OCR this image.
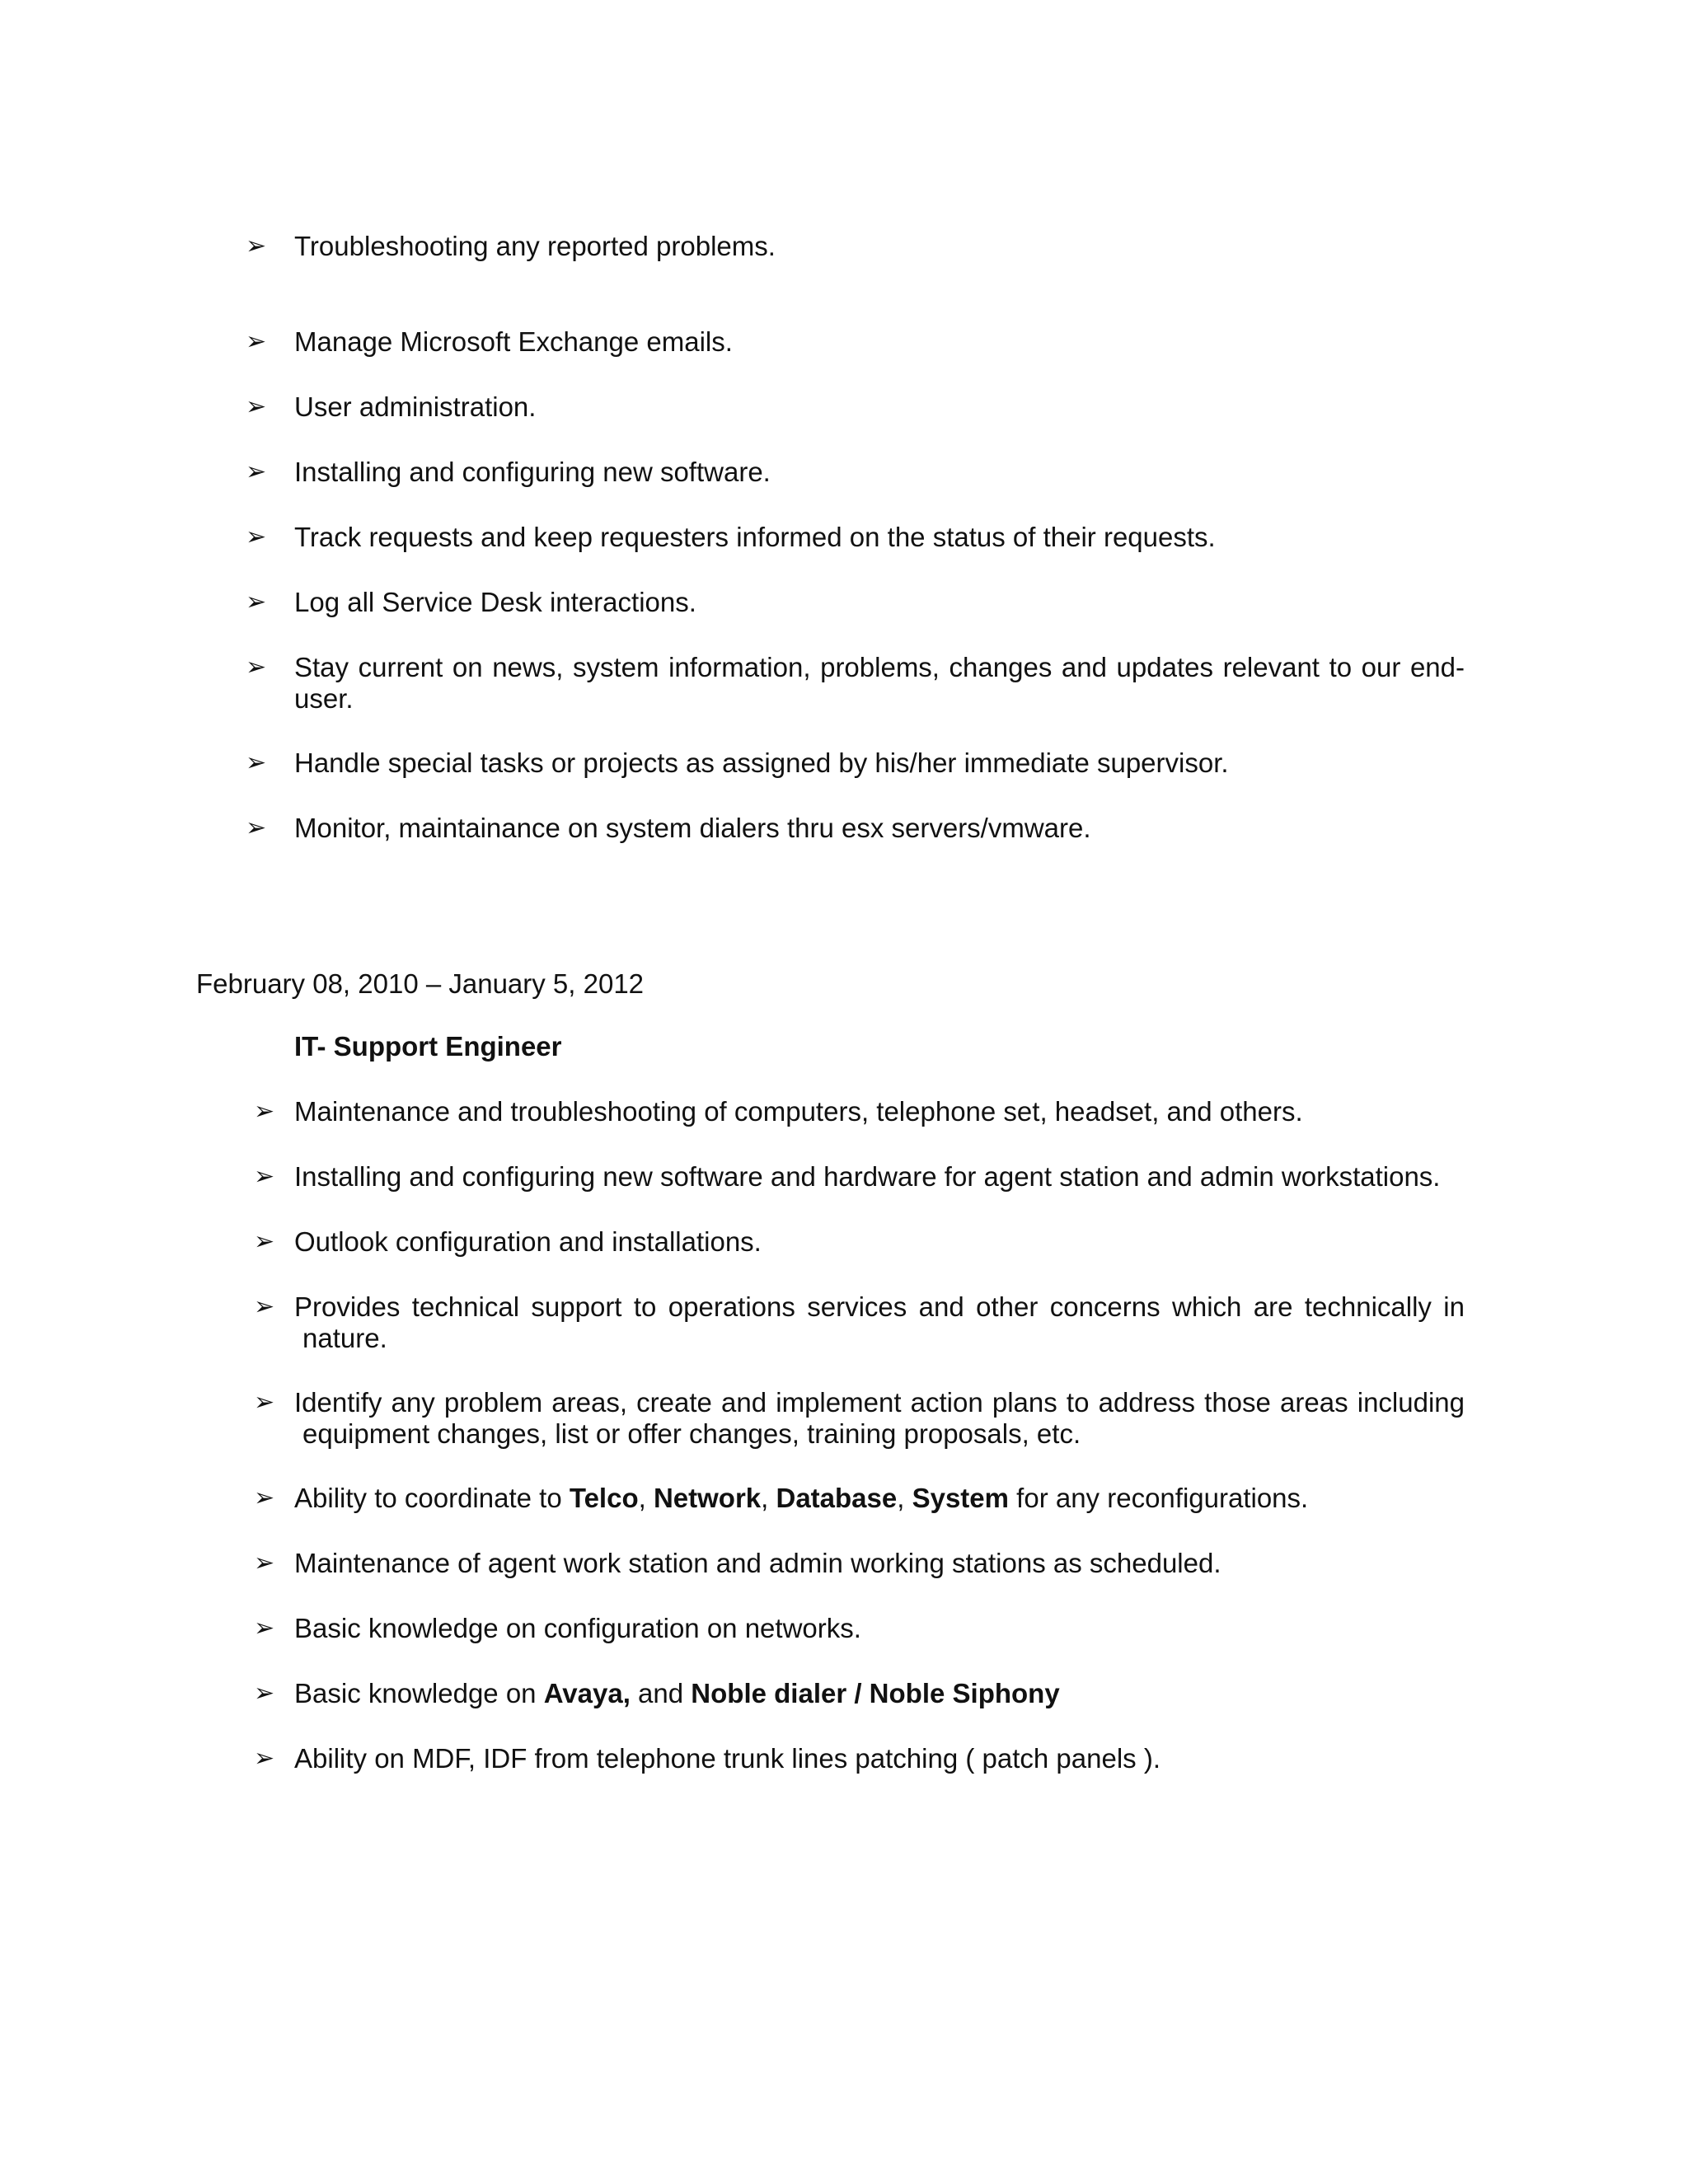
➢ Troubleshooting any reported problems.
➢ Manage Microsoft Exchange emails.
➢ User administration.
➢ Installing and configuring new software.
➢ Track requests and keep requesters informed on the status of their requests.
➢ Log all Service Desk interactions.
➢ Stay current on news, system information, problems, changes and updates relevant to our end-
user.
➢ Handle special tasks or projects as assigned by his/her immediate supervisor.
➢ Monitor, maintainance on system dialers thru esx servers/vmware.
February 08, 2010 – January 5, 2012
IT- Support Engineer
➢ Maintenance and troubleshooting of computers, telephone set, headset, and others.
➢ Installing and configuring new software and hardware for agent station and admin workstations.
➢ Outlook configuration and installations.
➢ Provides technical support to operations services and other concerns which are technically in
nature.
➢ Identify any problem areas, create and implement action plans to address those areas including
equipment changes, list or offer changes, training proposals, etc.
➢ Ability to coordinate to Telco, Network, Database, System for any reconfigurations.
➢ Maintenance of agent work station and admin working stations as scheduled.
➢ Basic knowledge on configuration on networks.
➢ Basic knowledge on Avaya, and Noble dialer / Noble Siphony
➢ Ability on MDF, IDF from telephone trunk lines patching ( patch panels ).
